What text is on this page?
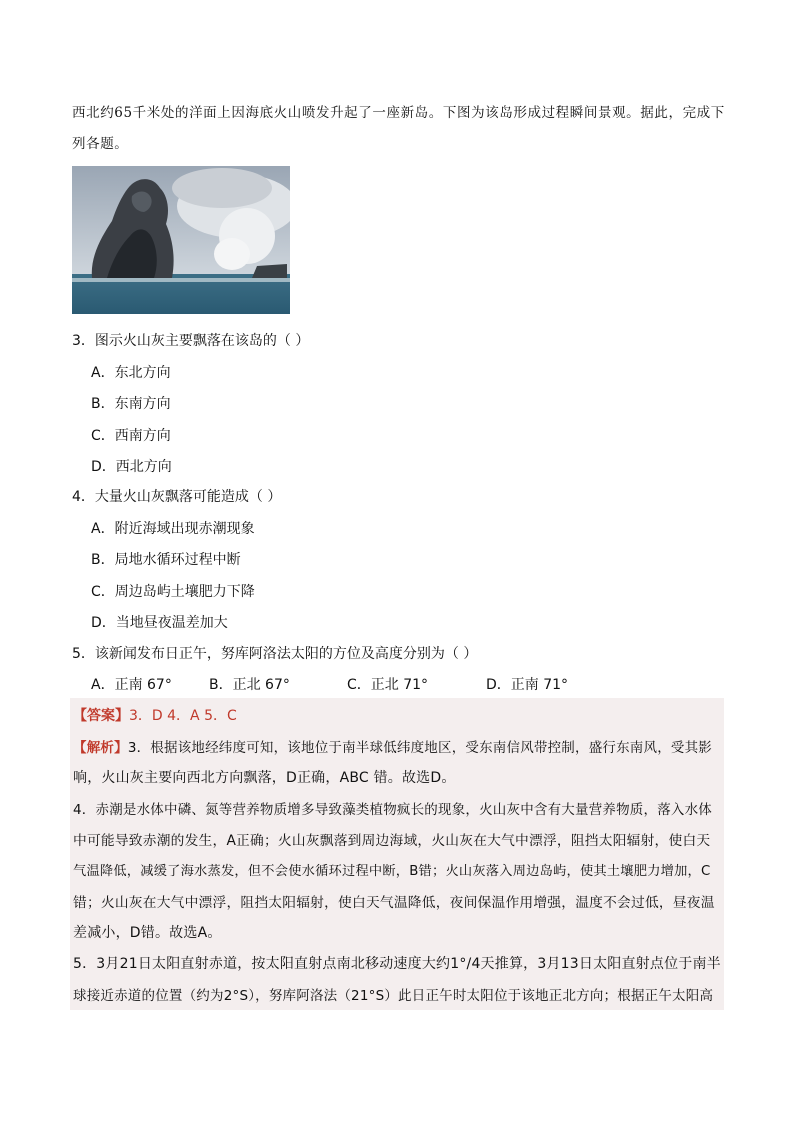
西北约65千米处的洋面上因海底火山喷发升起了一座新岛。下图为该岛形成过程瞬间景观。据此，完成下
列各题。
3．图示火山灰主要飘落在该岛的（ ）
A．东北方向
B．东南方向
C．西南方向
D．西北方向
4．大量火山灰飘落可能造成（ ）
A．附近海域出现赤潮现象
B．局地水循环过程中断
C．周边岛屿土壤肥力下降
D．当地昼夜温差加大
5．该新闻发布日正午，努库阿洛法太阳的方位及高度分别为（ ）
A．正南 67°	B．正北 67°	C．正北 71°	D．正南 71°
【答案】3．D 4．A 5．C
【解析】3．根据该地经纬度可知，该地位于南半球低纬度地区，受东南信风带控制，盛行东南风，受其影
响，火山灰主要向西北方向飘落，D正确，ABC 错。故选D。
4．赤潮是水体中磷、氮等营养物质增多导致藻类植物疯长的现象，火山灰中含有大量营养物质，落入水体
中可能导致赤潮的发生，A正确；火山灰飘落到周边海域，火山灰在大气中漂浮，阻挡太阳辐射，使白天
气温降低，减缓了海水蒸发，但不会使水循环过程中断，B错；火山灰落入周边岛屿，使其土壤肥力增加，C
错；火山灰在大气中漂浮，阻挡太阳辐射，使白天气温降低，夜间保温作用增强，温度不会过低，昼夜温
差减小，D错。故选A。
5．3月21日太阳直射赤道，按太阳直射点南北移动速度大约1°/4天推算，3月13日太阳直射点位于南半
球接近赤道的位置（约为2°S），努库阿洛法（21°S）此日正午时太阳位于该地正北方向；根据正午太阳高
